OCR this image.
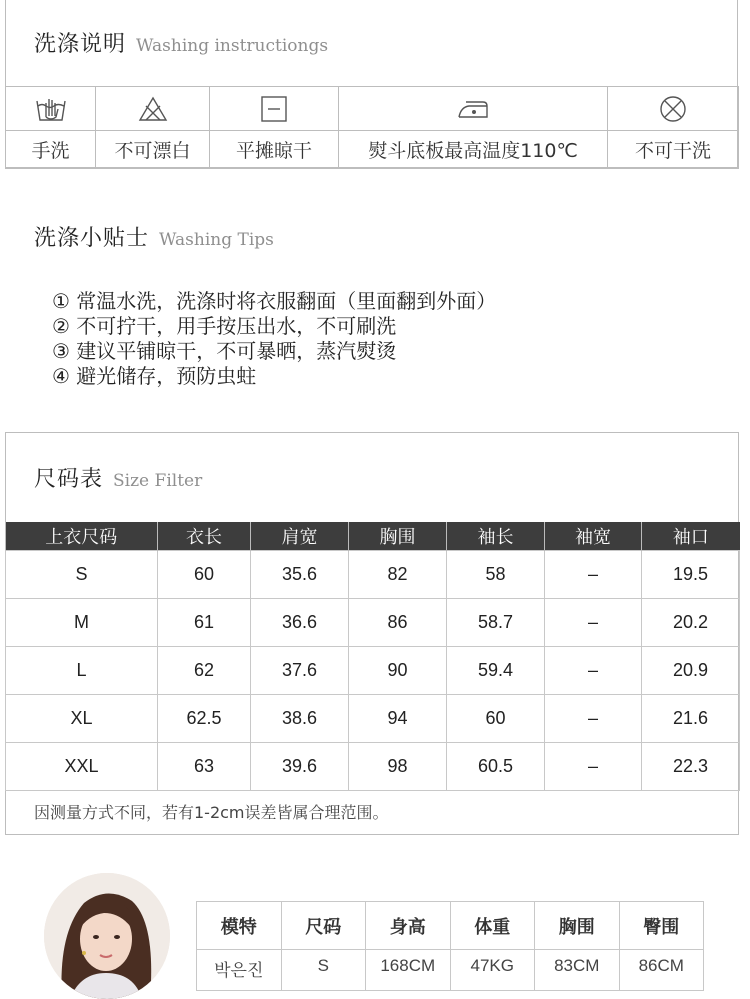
洗涤说明 Washing instructiongs

手洗	不可漂白	平摊晾干	熨斗底板最高温度110℃	不可干洗
洗涤小贴士 Washing Tips
① 常温水洗，洗涤时将衣服翻面（里面翻到外面）
② 不可拧干，用手按压出水，不可刷洗
③ 建议平铺晾干，不可暴晒，蒸汽熨烫
④ 避光储存，预防虫蛀
尺码表 Size Filter
上衣尺码	衣长	肩宽	胸围	袖长	袖宽	袖口
S	60	35.6	82	58	–	19.5
M	61	36.6	86	58.7	–	20.2
L	62	37.6	90	59.4	–	20.9
XL	62.5	38.6	94	60	–	21.6
XXL	63	39.6	98	60.5	–	22.3
因测量方式不同，若有1-2cm误差皆属合理范围。
模特	尺码	身高	体重	胸围	臀围
박은진	S	168CM	47KG	83CM	86CM
